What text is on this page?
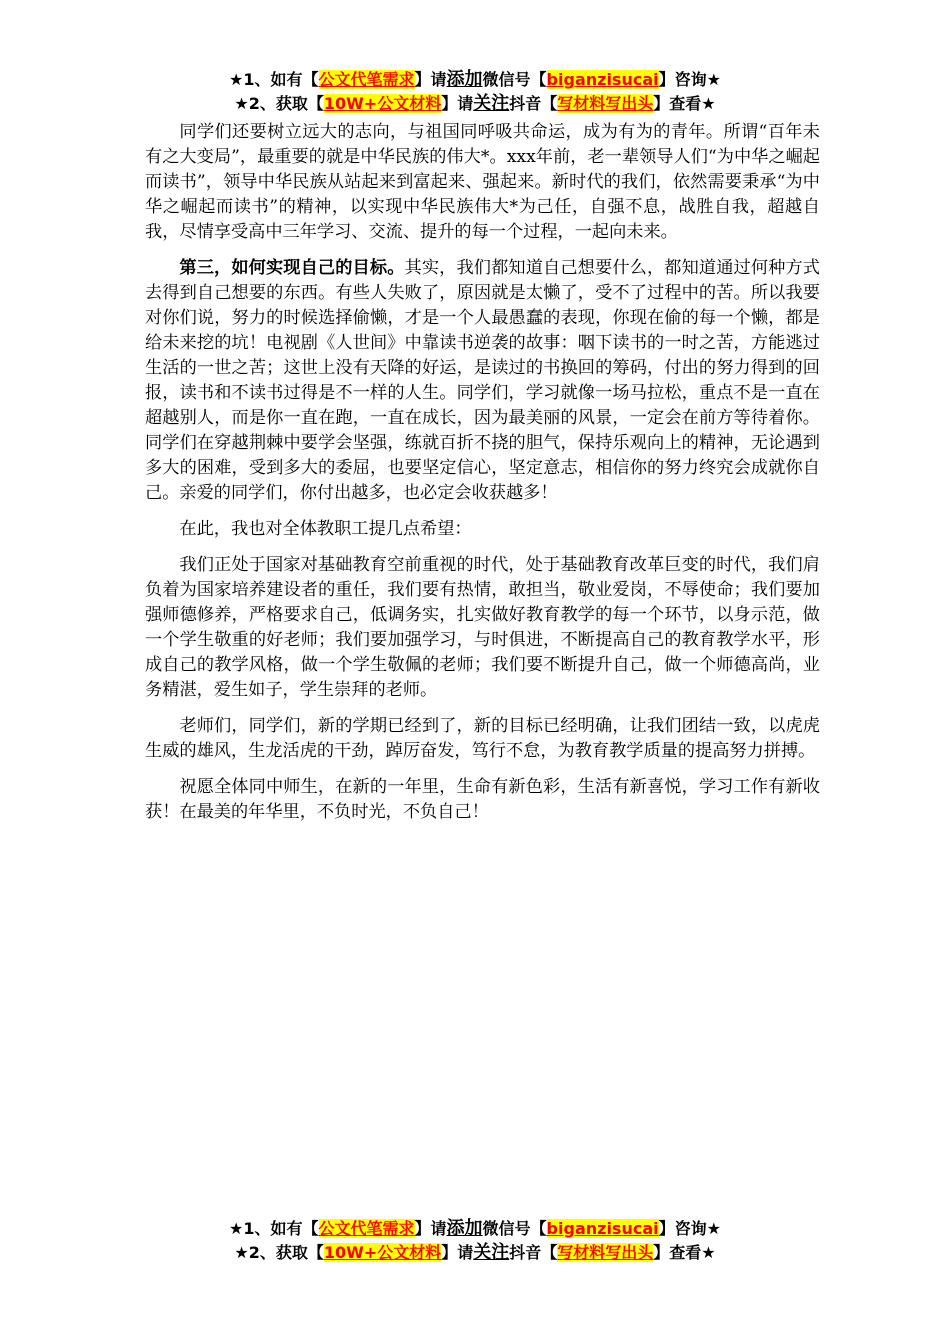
★1、如有【公文代笔需求】请添加微信号【biganzisucai】咨询★
★2、获取【10W+公文材料】请关注抖音【写材料写出头】查看★

同学们还要树立远大的志向，与祖国同呼吸共命运，成为有为的青年。所谓“百年未有之大变局”，最重要的就是中华民族的伟大*。xxx年前，老一辈领导人们“为中华之崛起而读书”，领导中华民族从站起来到富起来、强起来。新时代的我们，依然需要秉承“为中华之崛起而读书”的精神，以实现中华民族伟大*为己任，自强不息，战胜自我，超越自我，尽情享受高中三年学习、交流、提升的每一个过程，一起向未来。

第三，如何实现自己的目标。其实，我们都知道自己想要什么，都知道通过何种方式去得到自己想要的东西。有些人失败了，原因就是太懒了，受不了过程中的苦。所以我要对你们说，努力的时候选择偷懒，才是一个人最愚蠢的表现，你现在偷的每一个懒，都是给未来挖的坑！电视剧《人世间》中靠读书逆袭的故事：咽下读书的一时之苦，方能逃过生活的一世之苦；这世上没有天降的好运，是读过的书换回的筹码，付出的努力得到的回报，读书和不读书过得是不一样的人生。同学们，学习就像一场马拉松，重点不是一直在超越别人，而是你一直在跑，一直在成长，因为最美丽的风景，一定会在前方等待着你。同学们在穿越荆棘中要学会坚强，练就百折不挠的胆气，保持乐观向上的精神，无论遇到多大的困难，受到多大的委屈，也要坚定信心，坚定意志，相信你的努力终究会成就你自己。亲爱的同学们，你付出越多，也必定会收获越多！

在此，我也对全体教职工提几点希望：

我们正处于国家对基础教育空前重视的时代，处于基础教育改革巨变的时代，我们肩负着为国家培养建设者的重任，我们要有热情，敢担当，敬业爱岗，不辱使命；我们要加强师德修养，严格要求自己，低调务实，扎实做好教育教学的每一个环节，以身示范，做一个学生敬重的好老师；我们要加强学习，与时俱进，不断提高自己的教育教学水平，形成自己的教学风格，做一个学生敬佩的老师；我们要不断提升自己，做一个师德高尚，业务精湛，爱生如子，学生崇拜的老师。

老师们，同学们，新的学期已经到了，新的目标已经明确，让我们团结一致，以虎虎生威的雄风，生龙活虎的干劲，踔厉奋发，笃行不怠，为教育教学质量的提高努力拼搏。

祝愿全体同中师生，在新的一年里，生命有新色彩，生活有新喜悦，学习工作有新收获！在最美的年华里，不负时光，不负自己！

★1、如有【公文代笔需求】请添加微信号【biganzisucai】咨询★
★2、获取【10W+公文材料】请关注抖音【写材料写出头】查看★
